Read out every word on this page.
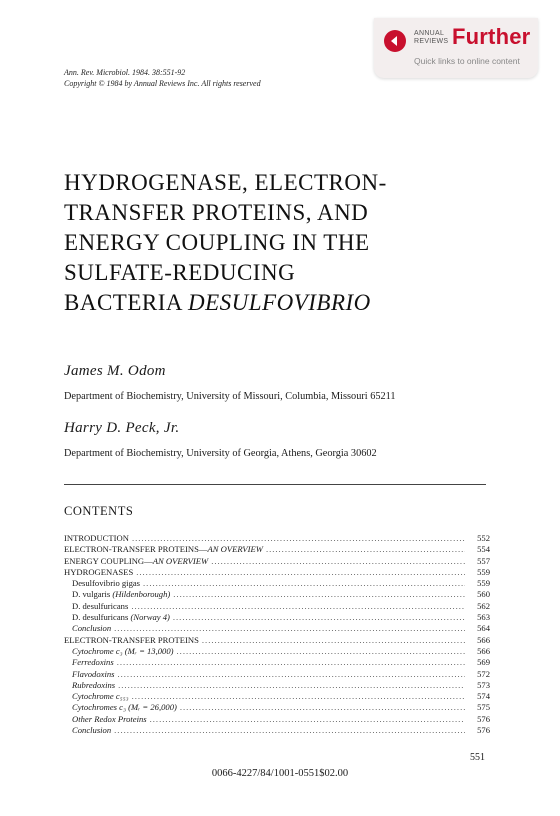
ANNUAL
REVIEWS Further
Quick links to online content
Ann. Rev. Microbiol. 1984. 38:551-92
Copyright © 1984 by Annual Reviews Inc. All rights reserved
HYDROGENASE, ELECTRON-
TRANSFER PROTEINS, AND
ENERGY COUPLING IN THE
SULFATE-REDUCING
BACTERIA DESULFOVIBRIO
James M. Odom
Department of Biochemistry, University of Missouri, Columbia, Missouri 65211
Harry D. Peck, Jr.
Department of Biochemistry, University of Georgia, Athens, Georgia 30602
CONTENTS
INTRODUCTION .....	552
ELECTRON-TRANSFER PROTEINS—AN OVERVIEW .....	554
ENERGY COUPLING—AN OVERVIEW .....	557
HYDROGENASES .....	559
Desulfovibrio gigas .....	559
D. vulgaris (Hildenborough) .....	560
D. desulfuricans .....	562
D. desulfuricans (Norway 4) .....	563
Conclusion .....	564
ELECTRON-TRANSFER PROTEINS .....	566
Cytochrome c₃ (Mᵣ = 13,000) .....	566
Ferredoxins .....	569
Flavodoxins .....	572
Rubredoxins .....	573
Cytochrome c₅₅₃ .....	574
Cytochromes c₃ (Mᵣ = 26,000) .....	575
Other Redox Proteins .....	576
Conclusion .....	576
551
0066-4227/84/1001-0551$02.00
